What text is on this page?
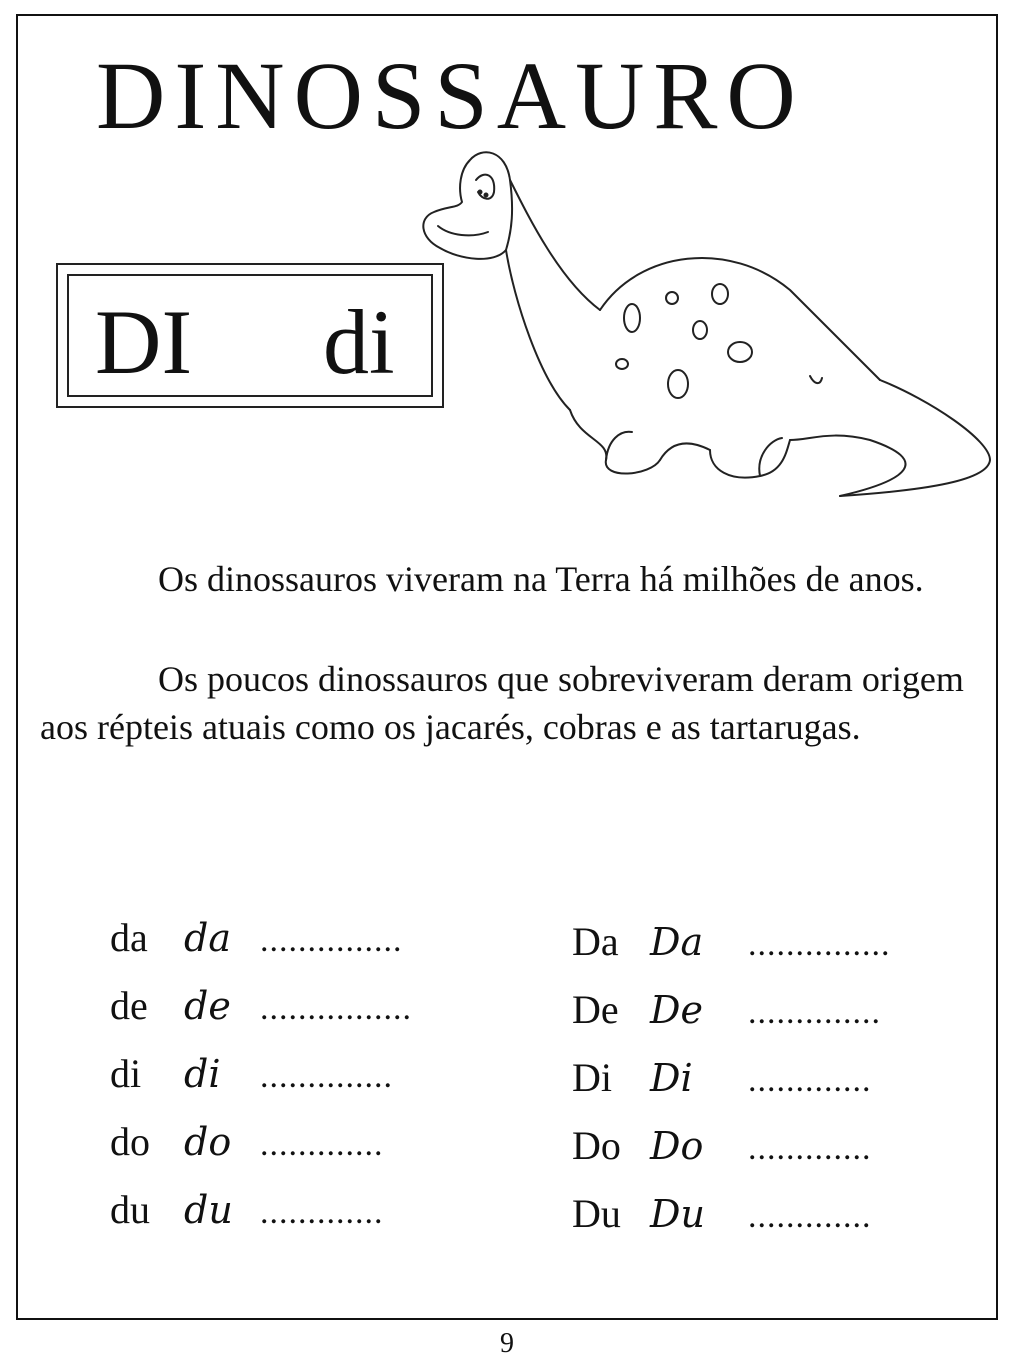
DINOSSAURO
DI di

Os dinossauros viveram na Terra há milhões de anos.

Os poucos dinossauros que sobreviveram deram origem aos répteis atuais como os jacarés, cobras e as tartarugas.

da da ...............
de de ................
di	di	..............
do do .............
du du .............
Da Da	...............
De De	..............
Di	Di	.............
Do Do	.............
Du Du	.............
9
